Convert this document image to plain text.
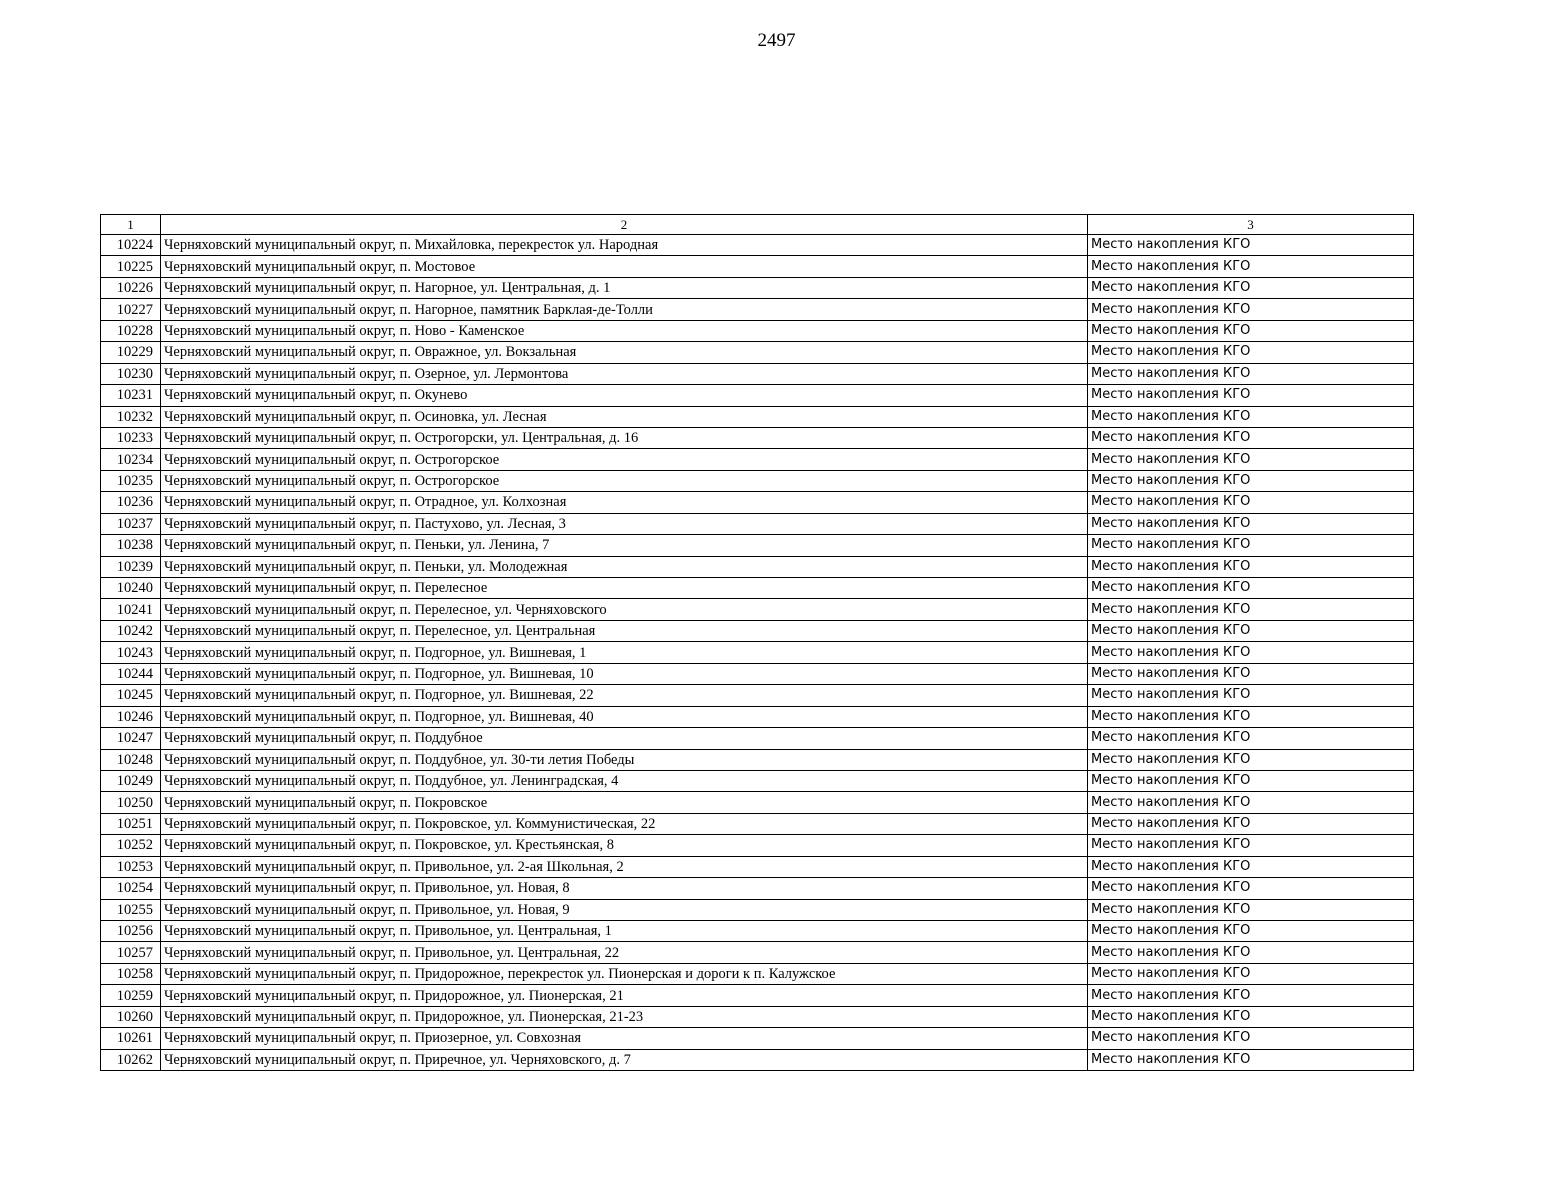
2497
1	2	3
10224	Черняховский муниципальный округ, п. Михайловка, перекресток ул. Народная	Место накопления КГО
10225	Черняховский муниципальный округ, п. Мостовое	Место накопления КГО
10226	Черняховский муниципальный округ, п. Нагорное, ул. Центральная, д. 1	Место накопления КГО
10227	Черняховский муниципальный округ, п. Нагорное, памятник Барклая-де-Толли	Место накопления КГО
10228	Черняховский муниципальный округ, п. Ново - Каменское	Место накопления КГО
10229	Черняховский муниципальный округ, п. Овражное, ул. Вокзальная	Место накопления КГО
10230	Черняховский муниципальный округ, п. Озерное, ул. Лермонтова	Место накопления КГО
10231	Черняховский муниципальный округ, п. Окунево	Место накопления КГО
10232	Черняховский муниципальный округ, п. Осиновка, ул. Лесная	Место накопления КГО
10233	Черняховский муниципальный округ, п. Острогорски, ул. Центральная, д. 16	Место накопления КГО
10234	Черняховский муниципальный округ, п. Острогорское	Место накопления КГО
10235	Черняховский муниципальный округ, п. Острогорское	Место накопления КГО
10236	Черняховский муниципальный округ, п. Отрадное, ул. Колхозная	Место накопления КГО
10237	Черняховский муниципальный округ, п. Пастухово, ул. Лесная, 3	Место накопления КГО
10238	Черняховский муниципальный округ, п. Пеньки, ул. Ленина, 7	Место накопления КГО
10239	Черняховский муниципальный округ, п. Пеньки, ул. Молодежная	Место накопления КГО
10240	Черняховский муниципальный округ, п. Перелесное	Место накопления КГО
10241	Черняховский муниципальный округ, п. Перелесное, ул. Черняховского	Место накопления КГО
10242	Черняховский муниципальный округ, п. Перелесное, ул. Центральная	Место накопления КГО
10243	Черняховский муниципальный округ, п. Подгорное, ул. Вишневая, 1	Место накопления КГО
10244	Черняховский муниципальный округ, п. Подгорное, ул. Вишневая, 10	Место накопления КГО
10245	Черняховский муниципальный округ, п. Подгорное, ул. Вишневая, 22	Место накопления КГО
10246	Черняховский муниципальный округ, п. Подгорное, ул. Вишневая, 40	Место накопления КГО
10247	Черняховский муниципальный округ, п. Поддубное	Место накопления КГО
10248	Черняховский муниципальный округ, п. Поддубное, ул. 30-ти летия Победы	Место накопления КГО
10249	Черняховский муниципальный округ, п. Поддубное, ул. Ленинградская, 4	Место накопления КГО
10250	Черняховский муниципальный округ, п. Покровское	Место накопления КГО
10251	Черняховский муниципальный округ, п. Покровское, ул. Коммунистическая, 22	Место накопления КГО
10252	Черняховский муниципальный округ, п. Покровское, ул. Крестьянская, 8	Место накопления КГО
10253	Черняховский муниципальный округ, п. Привольное, ул. 2-ая Школьная, 2	Место накопления КГО
10254	Черняховский муниципальный округ, п. Привольное, ул. Новая, 8	Место накопления КГО
10255	Черняховский муниципальный округ, п. Привольное, ул. Новая, 9	Место накопления КГО
10256	Черняховский муниципальный округ, п. Привольное, ул. Центральная, 1	Место накопления КГО
10257	Черняховский муниципальный округ, п. Привольное, ул. Центральная, 22	Место накопления КГО
10258	Черняховский муниципальный округ, п. Придорожное, перекресток ул. Пионерская и дороги к п. Калужское	Место накопления КГО
10259	Черняховский муниципальный округ, п. Придорожное, ул. Пионерская, 21	Место накопления КГО
10260	Черняховский муниципальный округ, п. Придорожное, ул. Пионерская, 21-23	Место накопления КГО
10261	Черняховский муниципальный округ, п. Приозерное, ул. Совхозная	Место накопления КГО
10262	Черняховский муниципальный округ, п. Приречное, ул. Черняховского, д. 7	Место накопления КГО
